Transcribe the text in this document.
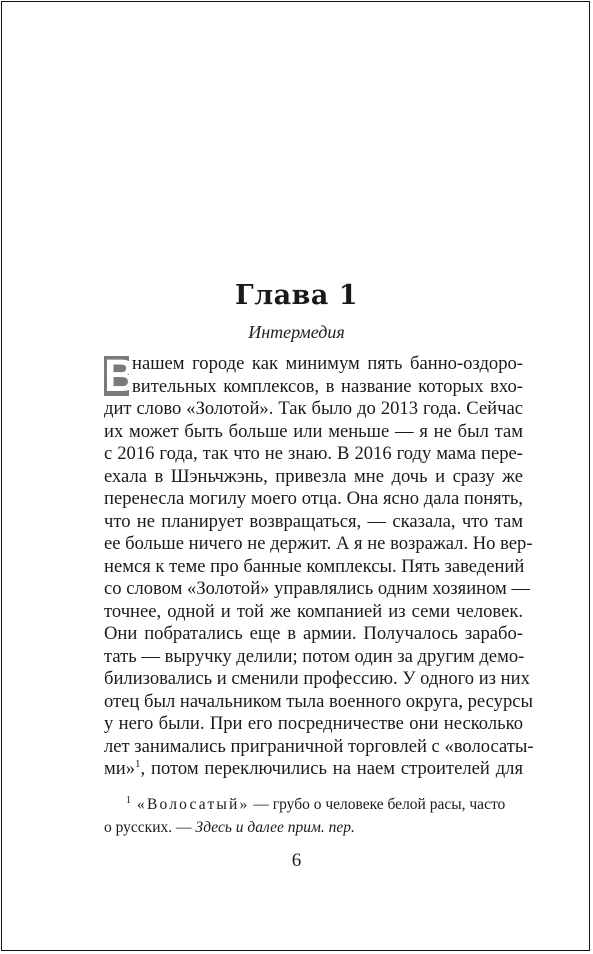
Глава 1

Интермедия

В
нашем городе как минимум пять банно-оздоро-
вительных комплексов, в название которых вхо-
дит слово «Золотой». Так было до 2013 года. Сейчас
их может быть больше или меньше — я не был там
с 2016 года, так что не знаю. В 2016 году мама пере-
ехала в Шэньчжэнь, привезла мне дочь и сразу же
перенесла могилу моего отца. Она ясно дала понять,
что не планирует возвращаться, — сказала, что там
ее больше ничего не держит. А я не возражал. Но вер-
немся к теме про банные комплексы. Пять заведений
со словом «Золотой» управлялись одним хозяином —
точнее, одной и той же компанией из семи человек.
Они побратались еще в армии. Получалось зарабо-
тать — выручку делили; потом один за другим демо-
билизовались и сменили профессию. У одного из них
отец был начальником тыла военного округа, ресурсы
у него были. При его посредничестве они несколько
лет занимались приграничной торговлей с «волосаты-
ми»$^1$, потом переключились на наем строителей для
$^1$ «Волосатый» — грубо о человеке белой расы, часто
о русских. — Здесь и далее прим. пер.
6
